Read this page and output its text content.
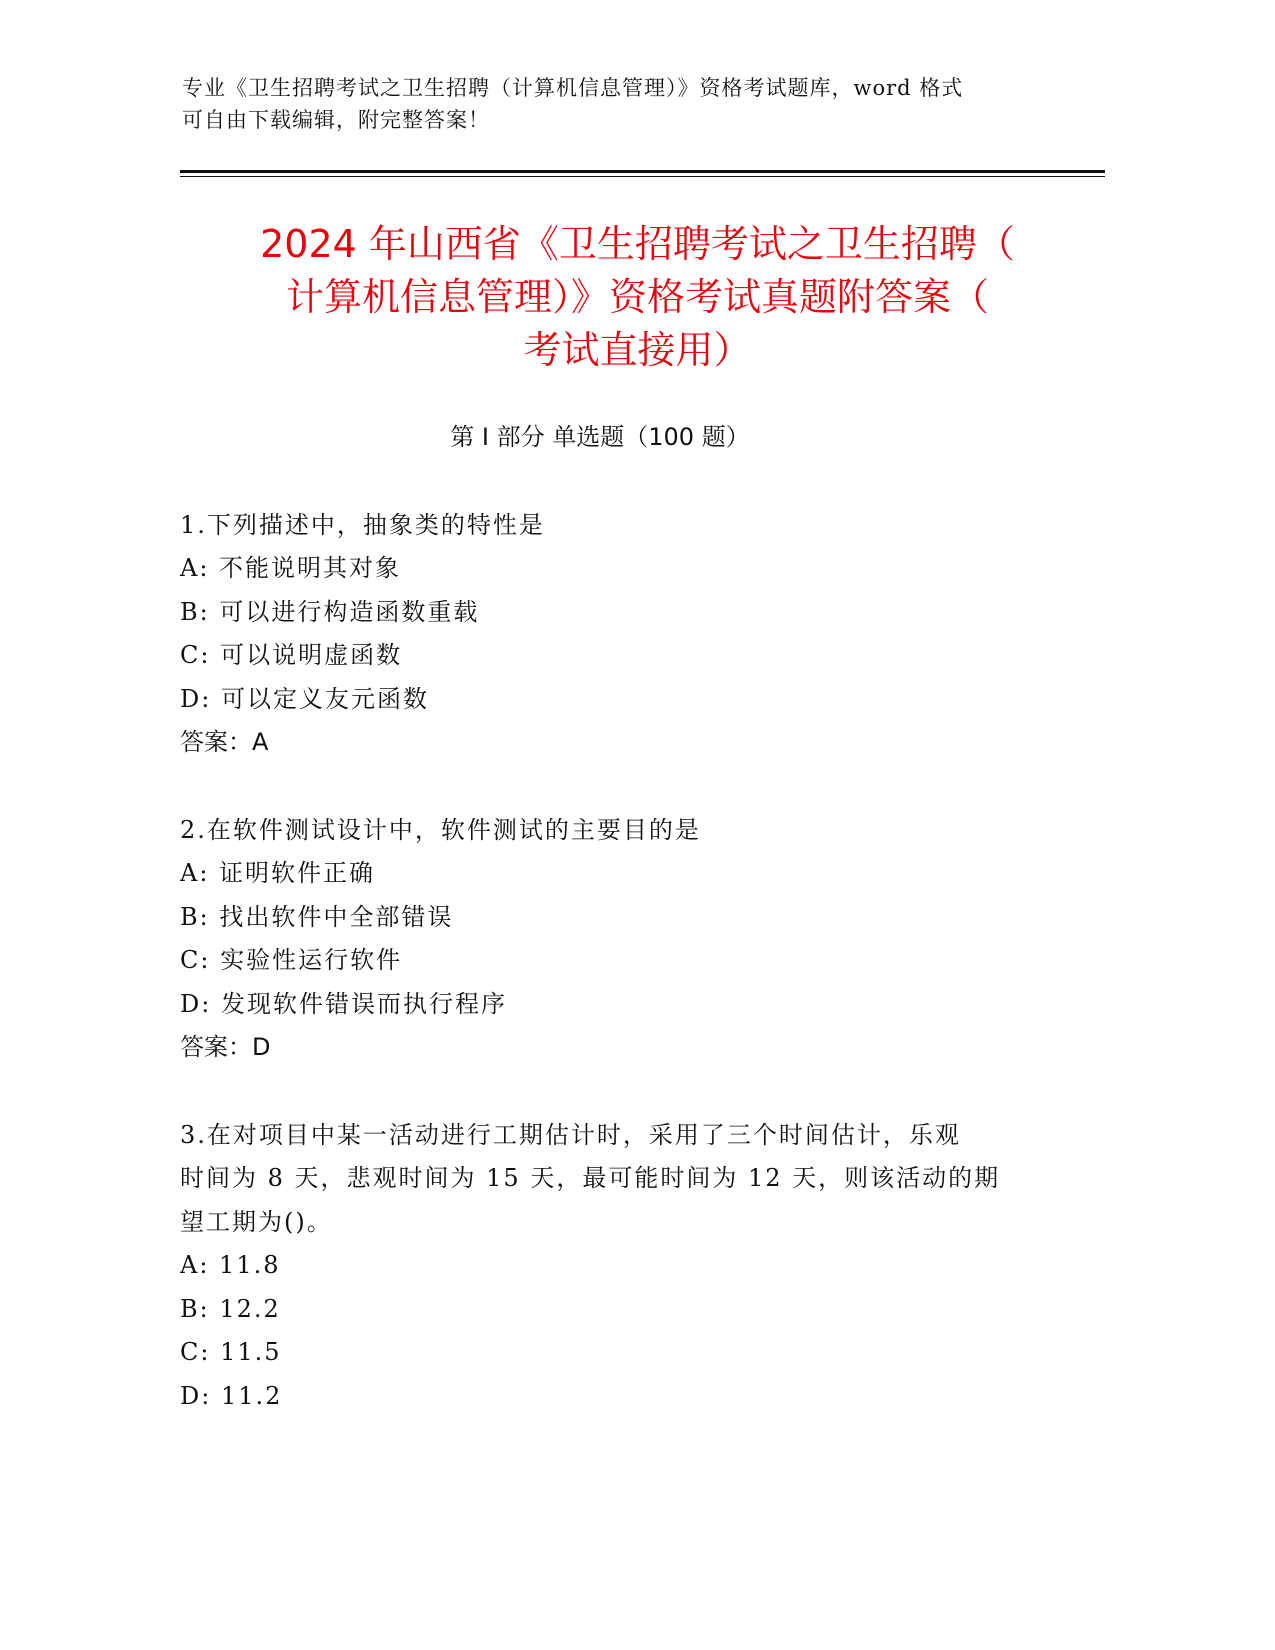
专业《卫生招聘考试之卫生招聘（计算机信息管理）》资格考试题库，word 格式
可自由下载编辑，附完整答案！
2024 年山西省《卫生招聘考试之卫生招聘（
计算机信息管理）》资格考试真题附答案（
考试直接用）
第 I 部分 单选题（100 题）
1.下列描述中，抽象类的特性是
A: 不能说明其对象
B: 可以进行构造函数重载
C: 可以说明虚函数
D: 可以定义友元函数
答案：A
2.在软件测试设计中，软件测试的主要目的是
A: 证明软件正确
B: 找出软件中全部错误
C: 实验性运行软件
D: 发现软件错误而执行程序
答案：D
3.在对项目中某一活动进行工期估计时，采用了三个时间估计，乐观
时间为 8 天，悲观时间为 15 天，最可能时间为 12 天，则该活动的期
望工期为()。
A: 11.8
B: 12.2
C: 11.5
D: 11.2
